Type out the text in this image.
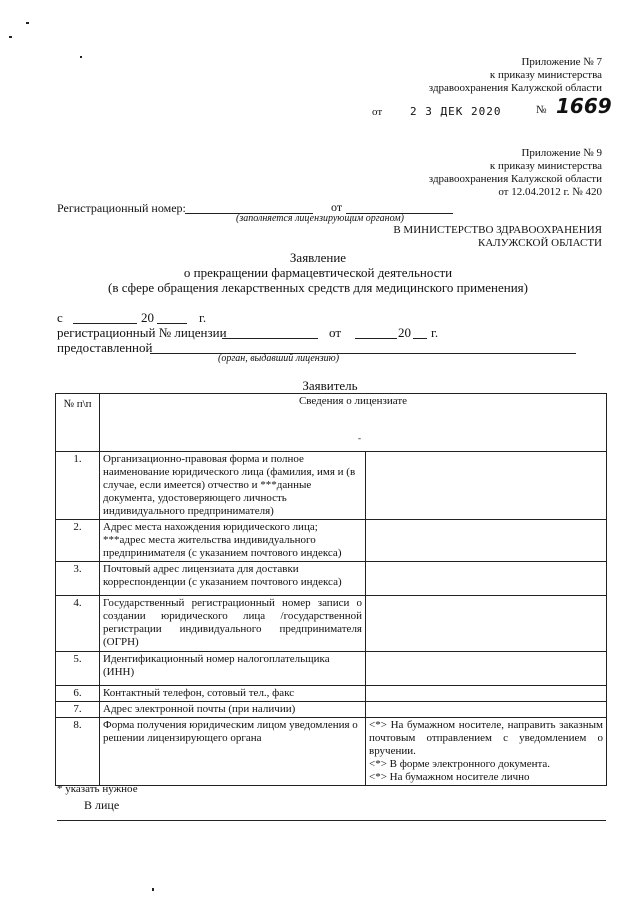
Приложение № 7
к приказу министерства
здравоохранения Калужской области
от	2 3 ДЕК 2020	№ 1669
Приложение № 9
к приказу министерства
здравоохранения Калужской области
от 12.04.2012 г. № 420
Регистрационный номер:	от
(заполняется лицензирующим органом)
В МИНИСТЕРСТВО ЗДРАВООХРАНЕНИЯ
КАЛУЖСКОЙ ОБЛАСТИ
Заявление
о прекращении фармацевтической деятельности
(в сфере обращения лекарственных средств для медицинского применения)
с	20	г.
регистрационный № лицензии	от	20 г.
предоставленной
(орган, выдавший лицензию)
Заявитель
№ п\п	Сведения о лицензиате
-	

1.	Организационно-правовая форма и полное наименование юридического лица (фамилия, имя и (в случае, если имеется) отчество и ***данные документа, удостоверяющего личность индивидуального предпринимателя)	
2.	Адрес места нахождения юридического лица; ***адрес места жительства индивидуального предпринимателя (с указанием почтового индекса)	
3.	Почтовый адрес лицензиата для доставки корреспонденции (с указанием почтового индекса)	
4.	Государственный регистрационный номер записи о создании юридического лица /государственной регистрации индивидуального предпринимателя (ОГРН)	
5.	Идентификационный номер налогоплательщика (ИНН)	
6.	Контактный телефон, сотовый тел., факс	
7.	Адрес электронной почты (при наличии)	
8.	Форма получения юридическим лицом уведомления о решении лицензирующего органа	<*> На бумажном носителе, направить заказным почтовым отправлением с уведомлением о вручении.
<*> В форме электронного документа.
<*> На бумажном носителе лично
* указать нужное
В лице
